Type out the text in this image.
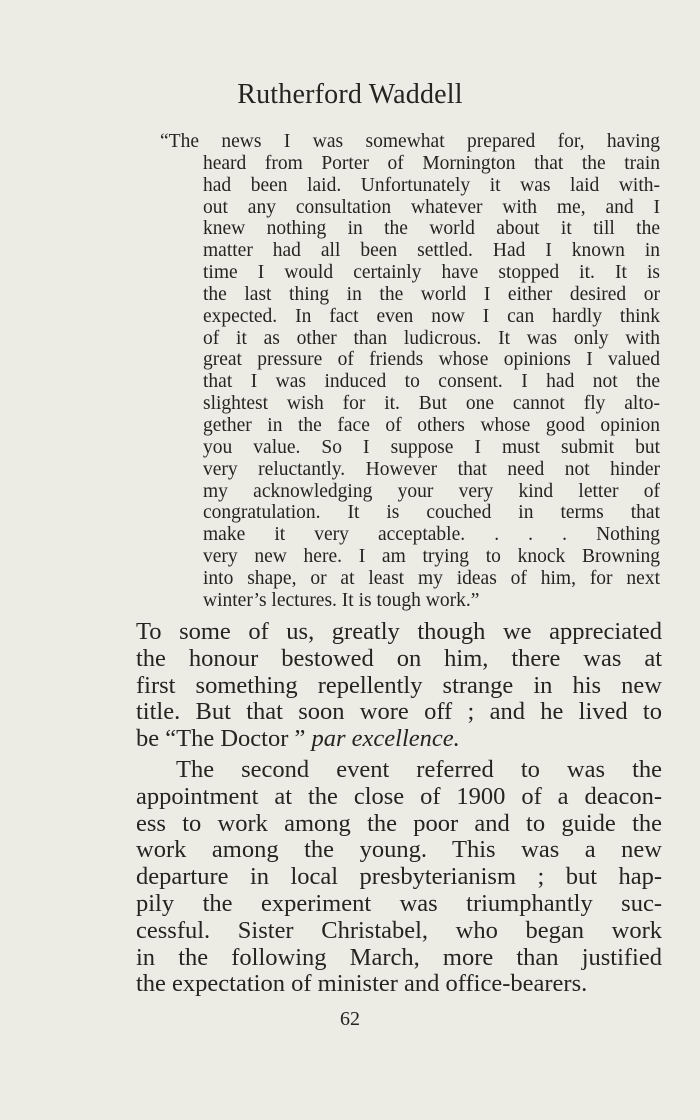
Rutherford Waddell
“The news I was somewhat prepared for, having
heard from Porter of Mornington that the train
had been laid. Unfortunately it was laid with-
out any consultation whatever with me, and I
knew nothing in the world about it till the
matter had all been settled. Had I known in
time I would certainly have stopped it. It is
the last thing in the world I either desired or
expected. In fact even now I can hardly think
of it as other than ludicrous. It was only with
great pressure of friends whose opinions I valued
that I was induced to consent. I had not the
slightest wish for it. But one cannot fly alto-
gether in the face of others whose good opinion
you value. So I suppose I must submit but
very reluctantly. However that need not hinder
my acknowledging your very kind letter of
congratulation. It is couched in terms that
make it very acceptable. . . . Nothing
very new here. I am trying to knock Browning
into shape, or at least my ideas of him, for next
winter’s lectures. It is tough work.”
To some of us, greatly though we appreciated
the honour bestowed on him, there was at
first something repellently strange in his new
title. But that soon wore off ; and he lived to
be “The Doctor ” par excellence.
The second event referred to was the
appointment at the close of 1900 of a deacon-
ess to work among the poor and to guide the
work among the young. This was a new
departure in local presbyterianism ; but hap-
pily the experiment was triumphantly suc-
cessful. Sister Christabel, who began work
in the following March, more than justified
the expectation of minister and office-bearers.
62
